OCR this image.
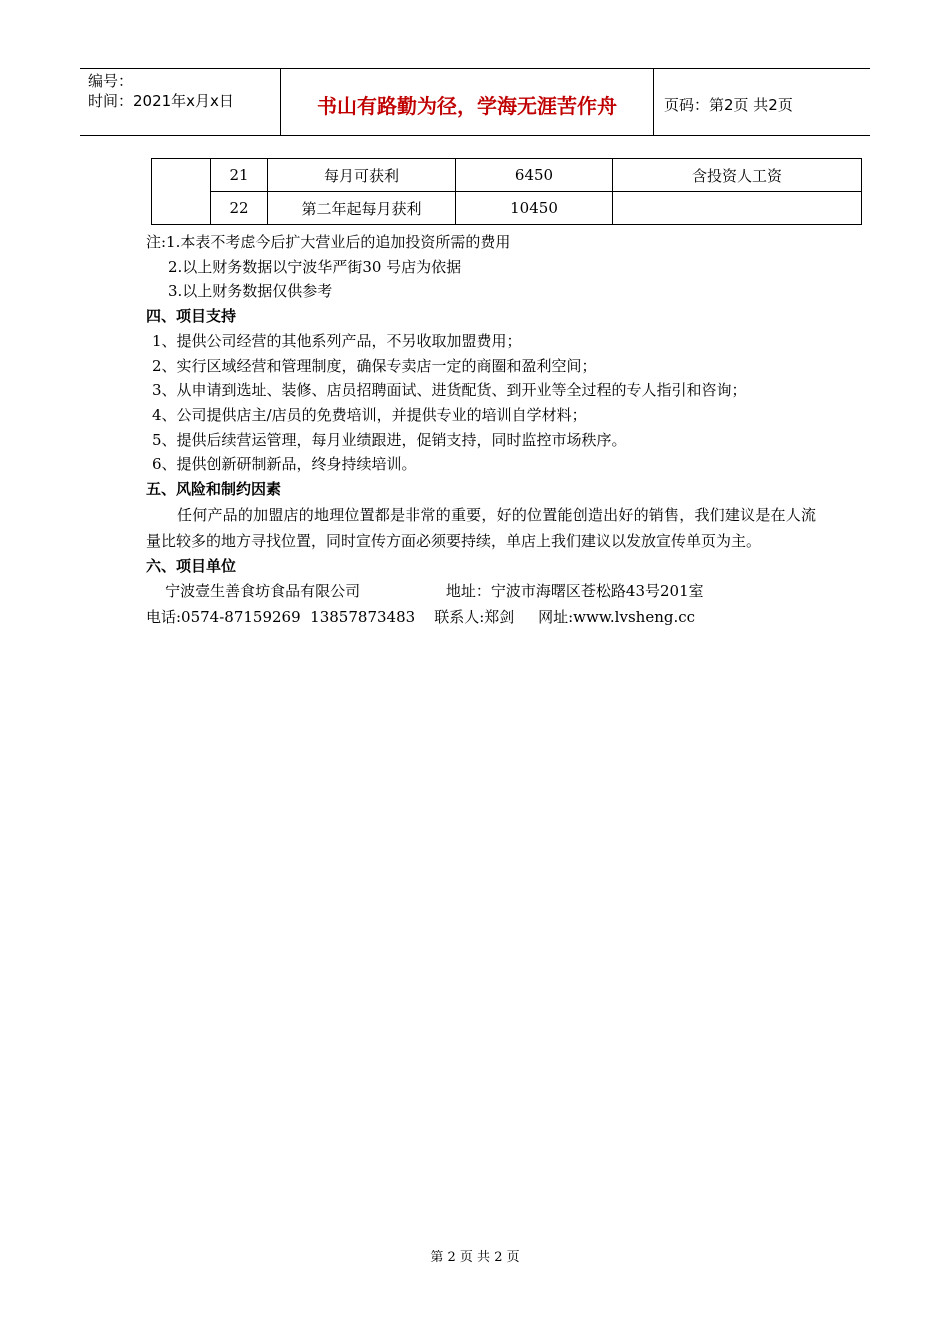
编号：
时间：2021年x月x日	书山有路勤为径，学海无涯苦作舟	页码：第2页 共2页
	21	每月可获利	6450	含投资人工资
	22	第二年起每月获利	10450	
注:1.本表不考虑今后扩大营业后的追加投资所需的费用
2.以上财务数据以宁波华严街30 号店为依据
3.以上财务数据仅供参考
四、项目支持
1、提供公司经营的其他系列产品，不另收取加盟费用；
2、实行区域经营和管理制度，确保专卖店一定的商圈和盈利空间；
3、从申请到选址、装修、店员招聘面试、进货配货、到开业等全过程的专人指引和咨询；
4、公司提供店主/店员的免费培训，并提供专业的培训自学材料；
5、提供后续营运管理，每月业绩跟进，促销支持，同时监控市场秩序。
6、提供创新研制新品，终身持续培训。
五、风险和制约因素
任何产品的加盟店的地理位置都是非常的重要，好的位置能创造出好的销售，我们建议是在人流量比较多的地方寻找位置，同时宣传方面必须要持续，单店上我们建议以发放宣传单页为主。
六、项目单位
宁波壹生善食坊食品有限公司                  地址：宁波市海曙区苍松路43号201室
电话:0574-87159269  13857873483    联系人:郑剑     网址:www.lvsheng.cc
第 2 页 共 2 页
